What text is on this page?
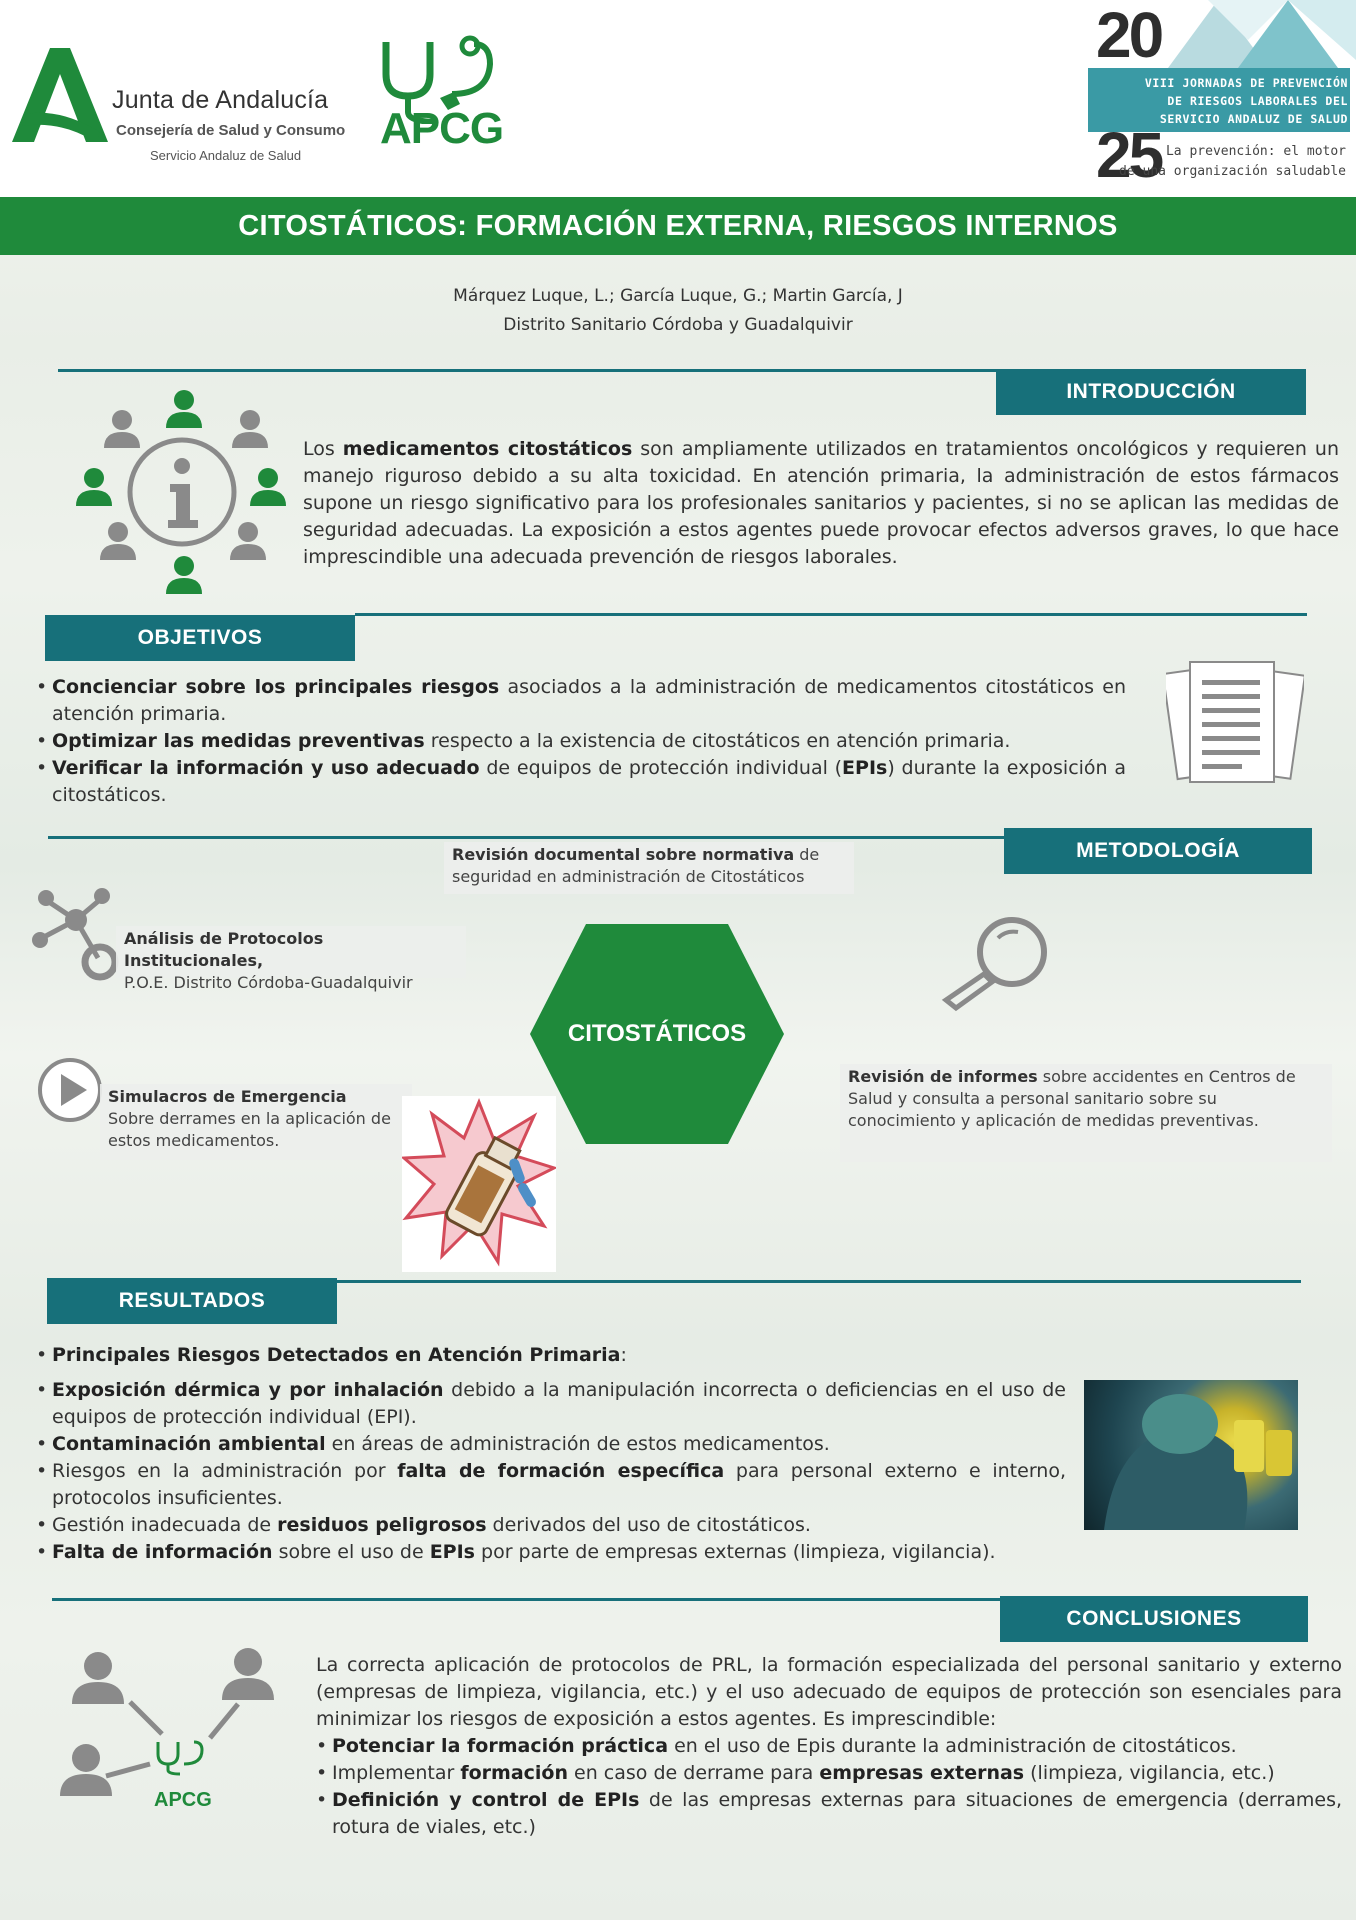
Junta de Andalucía
Consejería de Salud y Consumo
Servicio Andaluz de Salud
APCG
20
25
VIII JORNADAS DE PREVENCIÓN
DE RIESGOS LABORALES DEL
SERVICIO ANDALUZ DE SALUD
La prevención: el motor
de una organización saludable
CITOSTÁTICOS: FORMACIÓN EXTERNA, RIESGOS INTERNOS
Márquez Luque, L.; García Luque, G.; Martin García, J
Distrito Sanitario Córdoba y Guadalquivir
INTRODUCCIÓN
Los medicamentos citostáticos son ampliamente utilizados en tratamientos oncológicos y requieren un manejo riguroso debido a su alta toxicidad. En atención primaria, la administración de estos fármacos supone un riesgo significativo para los profesionales sanitarios y pacientes, si no se aplican las medidas de seguridad adecuadas. La exposición a estos agentes puede provocar efectos adversos graves, lo que hace imprescindible una adecuada prevención de riesgos laborales.
OBJETIVOS
• Concienciar sobre los principales riesgos asociados a la administración de medicamentos citostáticos en atención primaria.
• Optimizar las medidas preventivas respecto a la existencia de citostáticos en atención primaria.
• Verificar la información y uso adecuado de equipos de protección individual (EPIs) durante la exposición a citostáticos.
METODOLOGÍA
Revisión documental sobre normativa de seguridad en administración de Citostáticos
Análisis de Protocolos Institucionales,
P.O.E. Distrito Córdoba-Guadalquivir
Simulacros de Emergencia
Sobre derrames en la aplicación de estos medicamentos.
CITOSTÁTICOS
Revisión de informes sobre accidentes en Centros de Salud y consulta a personal sanitario sobre su conocimiento y aplicación de medidas preventivas.
RESULTADOS
• Principales Riesgos Detectados en Atención Primaria:
• Exposición dérmica y por inhalación debido a la manipulación incorrecta o deficiencias en el uso de equipos de protección individual (EPI).
• Contaminación ambiental en áreas de administración de estos medicamentos.
• Riesgos en la administración por falta de formación específica para personal externo e interno, protocolos insuficientes.
• Gestión inadecuada de residuos peligrosos derivados del uso de citostáticos.
• Falta de información sobre el uso de EPIs por parte de empresas externas (limpieza, vigilancia).
CONCLUSIONES
APCG
La correcta aplicación de protocolos de PRL, la formación especializada del personal sanitario y externo (empresas de limpieza, vigilancia, etc.) y el uso adecuado de equipos de protección son esenciales para minimizar los riesgos de exposición a estos agentes. Es imprescindible:
• Potenciar la formación práctica en el uso de Epis durante la administración de citostáticos.
• Implementar formación en caso de derrame para empresas externas (limpieza, vigilancia, etc.)
• Definición y control de EPIs de las empresas externas para situaciones de emergencia (derrames, rotura de viales, etc.)
